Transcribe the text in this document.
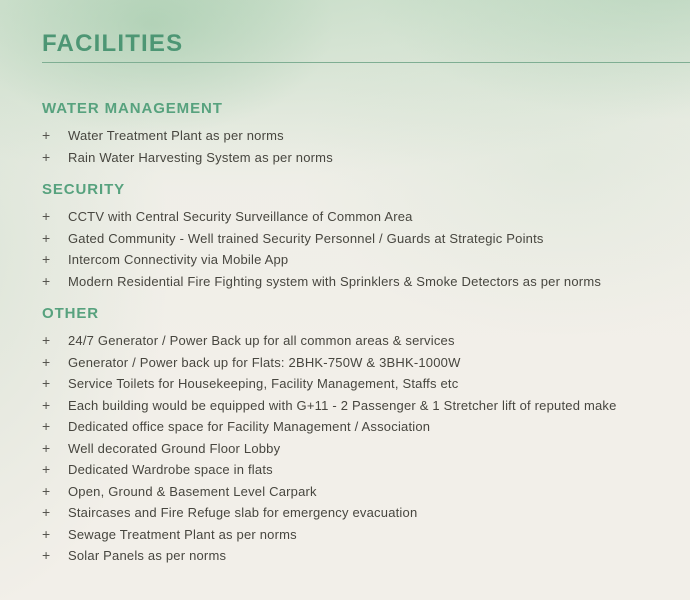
FACILITIES
WATER MANAGEMENT
+	Water Treatment Plant as per norms
+	Rain Water Harvesting System as per norms
SECURITY
+	CCTV with Central Security Surveillance of Common Area
+	Gated Community - Well trained Security Personnel / Guards at Strategic Points
+	Intercom Connectivity via Mobile App
+	Modern Residential Fire Fighting system with Sprinklers & Smoke Detectors as per norms
OTHER
+	24/7 Generator / Power Back up for all common areas & services
+	Generator / Power back up for Flats: 2BHK-750W & 3BHK-1000W
+	Service Toilets for Housekeeping, Facility Management, Staffs etc
+	Each building would be equipped with G+11 - 2 Passenger & 1 Stretcher lift of reputed make
+	Dedicated office space for Facility Management / Association
+	Well decorated Ground Floor Lobby
+	Dedicated Wardrobe space in flats
+	Open, Ground & Basement Level Carpark
+	Staircases and Fire Refuge slab for emergency evacuation
+	Sewage Treatment Plant as per norms
+	Solar Panels as per norms
